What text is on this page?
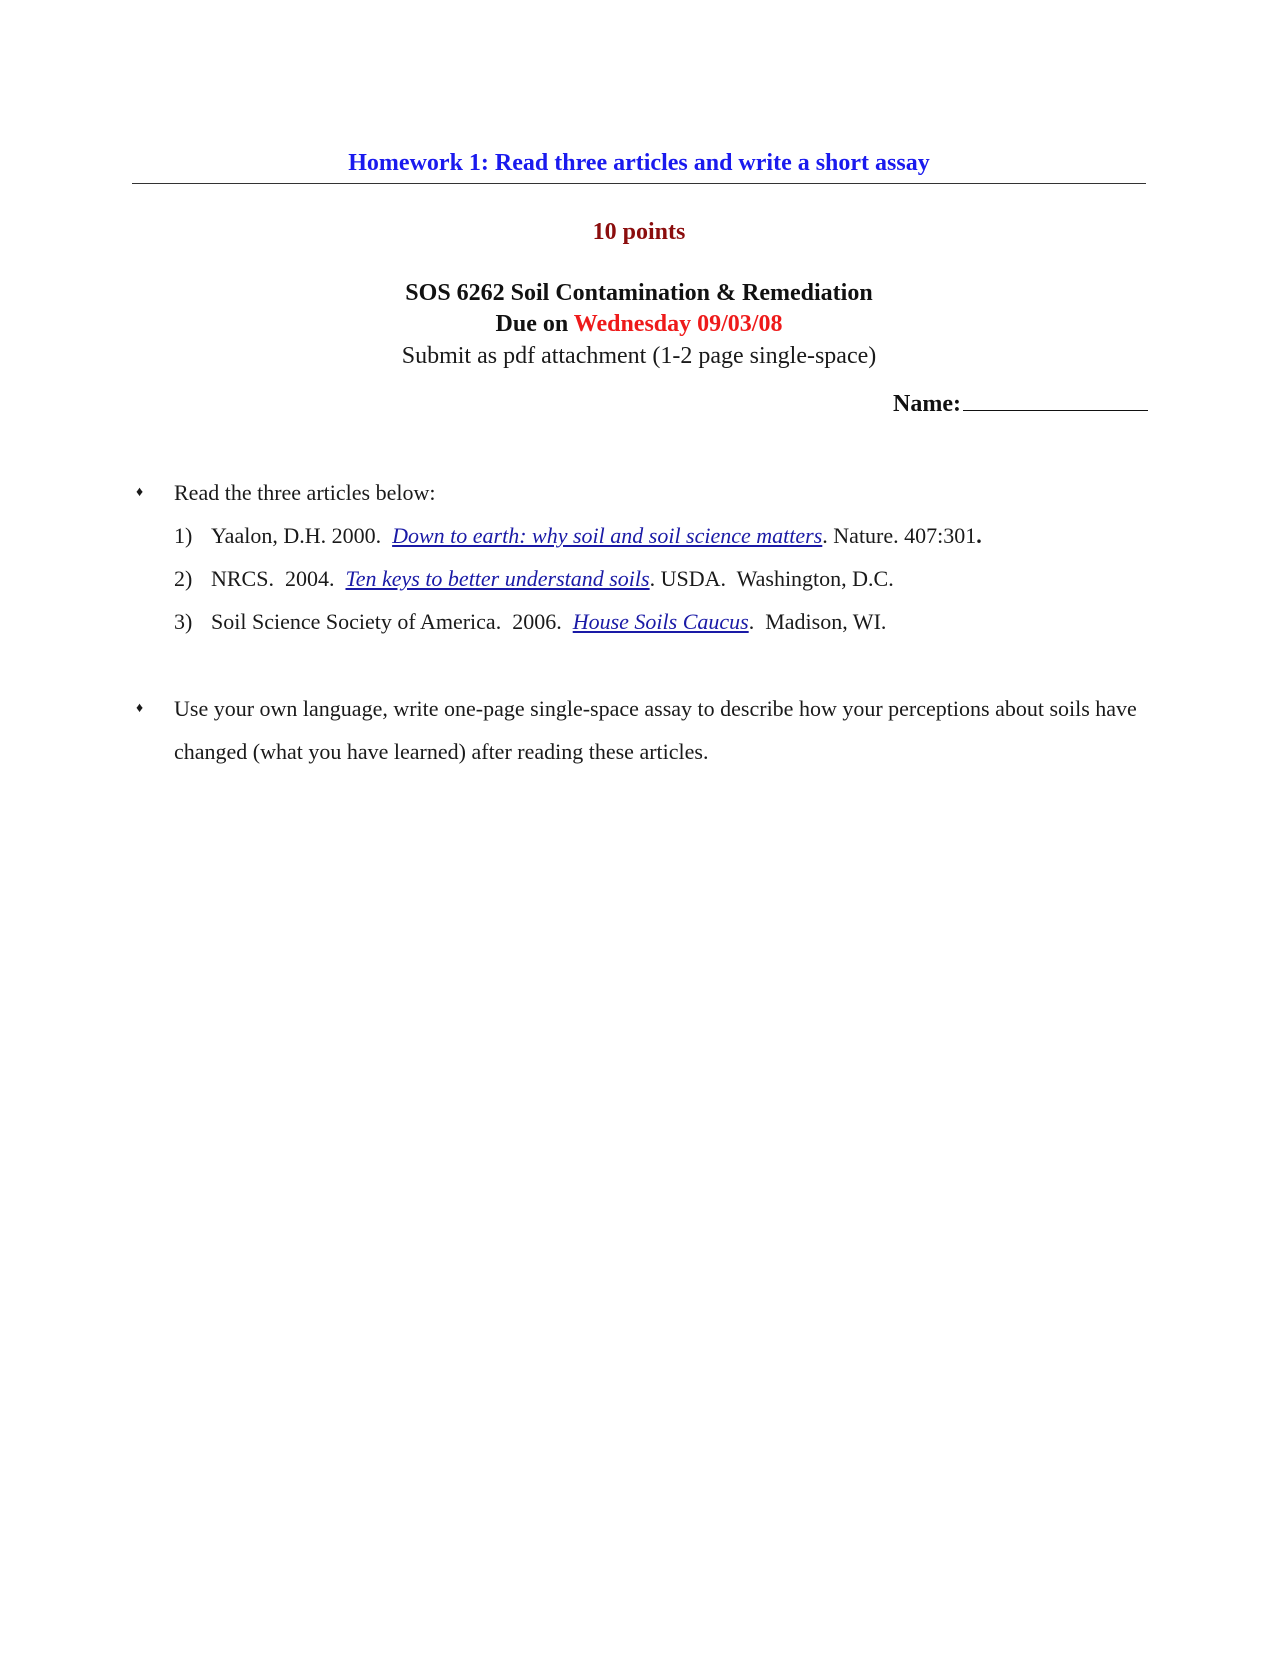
Homework 1: Read three articles and write a short assay
10 points
SOS 6262 Soil Contamination & Remediation
Due on Wednesday 09/03/08
Submit as pdf attachment (1-2 page single-space)
Name:
♦ Read the three articles below:
1) Yaalon, D.H. 2000.  Down to earth: why soil and soil science matters. Nature. 407:301.
2) NRCS.  2004.  Ten keys to better understand soils. USDA.  Washington, D.C.
3) Soil Science Society of America.  2006.  House Soils Caucus.  Madison, WI.
♦ Use your own language, write one-page single-space assay to describe how your perceptions about soils have changed (what you have learned) after reading these articles.
